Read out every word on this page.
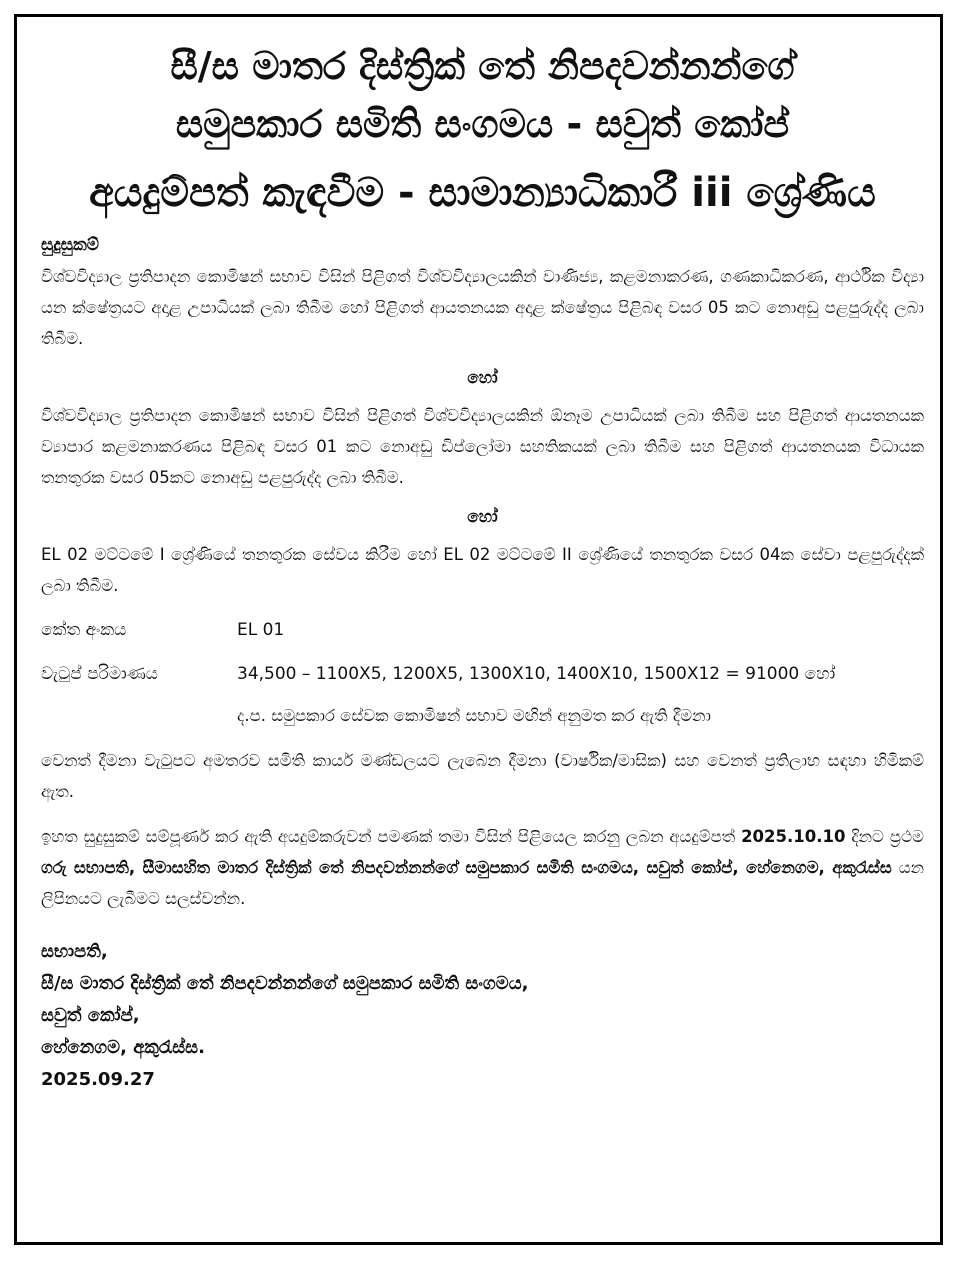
සී/ස මාතර දිස්ත්‍රික් තේ නිපදවන්නන්ගේ

සමුපකාර සමිති සංගමය - සවුත් කෝප්

අයදුම්පත් කැඳවීම - සාමාන්‍යාධිකාරී iii ශ්‍රේණිය

සුදුසුකම්

විශ්වවිද්‍යාල ප්‍රතිපාදන කොමිෂන් සභාව විසින් පිළිගත් විශ්වවිද්‍යාලයකින් වාණිජ්‍ය, කළමනාකරණ, ගණකාධිකරණ, ආර්ථික විද්‍යා යන ක්ෂේත්‍රයට අදාළ උපාධියක් ලබා තිබීම හෝ පිළිගත් ආයතනයක අදාළ ක්ෂේත්‍රය පිළිබඳ වසර 05 කට නොඅඩු පළපුරුද්ද ලබා තිබීම.

හෝ

විශ්වවිද්‍යාල ප්‍රතිපාදන කොමිෂන් සභාව විසින් පිළිගත් විශ්වවිද්‍යාලයකින් ඕනෑම උපාධියක් ලබා තිබීම සහ පිළිගත් ආයතනයක ව්‍යාපාර කළමනාකරණය පිළිබඳ වසර 01 කට නොඅඩු ඩිප්ලෝමා සහතිකයක් ලබා තිබීම සහ පිළිගත් ආයතනයක විධායක තනතුරක වසර 05කට නොඅඩු පළපුරුද්ද ලබා තිබීම.

හෝ

EL 02 මට්ටමේ I ශ්‍රේණියේ තනතුරක සේවය කිරීම හෝ EL 02 මට්ටමේ II ශ්‍රේණියේ තනතුරක වසර 04ක සේවා පළපුරුද්දක් ලබා තිබීම.

කේත අංකය	EL 01
වැටුප් පරිමාණය	34,500 – 1100X5, 1200X5, 1300X10, 1400X10, 1500X12 = 91000 හෝ
ද.ප. සමුපකාර සේවක කොමිෂන් සභාව මඟින් අනුමත කර ඇති දීමනා

වෙනත් දීමනා වැටුපට අමතරව සමිති කාර්ය මණ්ඩලයට ලැබෙන දීමනා (වාර්ෂික/මාසික) සහ වෙනත් ප්‍රතිලාභ සඳහා හිමිකම් ඇත.

ඉහත සුදුසුකම් සම්පූර්ණ කර ඇති අයදුම්කරුවන් පමණක් තමා විසින් පිළියෙල කරනු ලබන අයදුම්පත් 2025.10.10 දිනට ප්‍රථම ගරු සභාපති, සීමාසහිත මාතර දිස්ත්‍රික් තේ නිපදවන්නන්ගේ සමුපකාර සමිති සංගමය, සවුත් කෝප්, හේනෙගම, අකුරැස්ස යන ලිපිනයට ලැබීමට සලස්වන්න.

සභාපති,
සී/ස මාතර දිස්ත්‍රික් තේ නිපදවන්නන්ගේ සමුපකාර සමිති සංගමය,
සවුත් කෝප්,
හේනෙගම, අකුරැස්ස.
2025.09.27
